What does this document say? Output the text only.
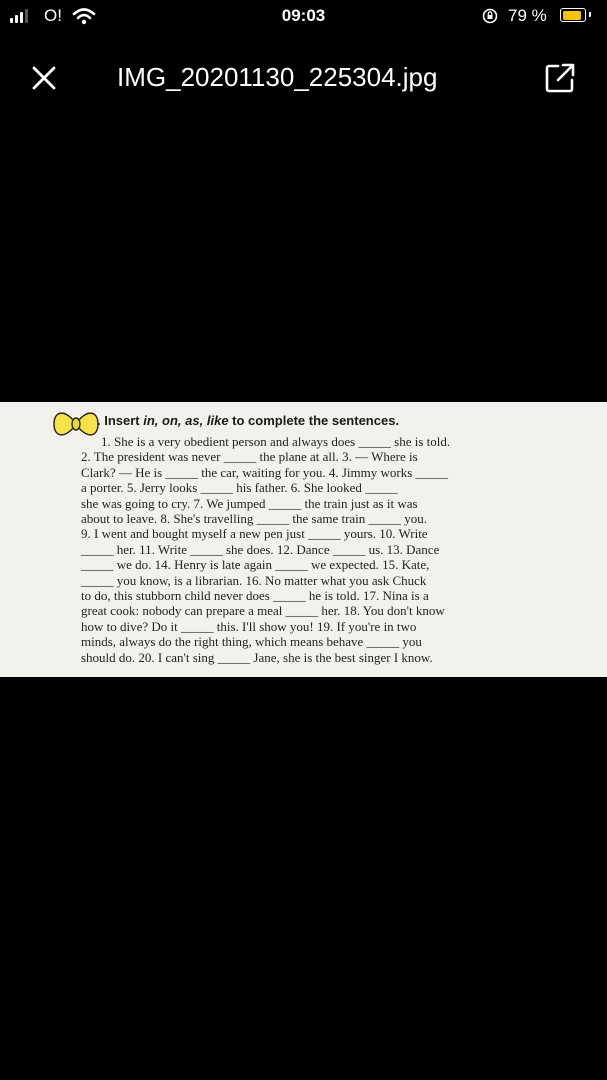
O!	09:03	79 %
IMG_20201130_225304.jpg
. Insert in, on, as, like to complete the sentences.
1. She is a very obedient person and always does _____ she is told.
2. The president was never _____ the plane at all. 3. — Where is
Clark? — He is _____ the car, waiting for you. 4. Jimmy works _____
a porter. 5. Jerry looks _____ his father. 6. She looked _____
she was going to cry. 7. We jumped _____ the train just as it was
about to leave. 8. She's travelling _____ the same train _____ you.
9. I went and bought myself a new pen just _____ yours. 10. Write
_____ her. 11. Write _____ she does. 12. Dance _____ us. 13. Dance
_____ we do. 14. Henry is late again _____ we expected. 15. Kate,
_____ you know, is a librarian. 16. No matter what you ask Chuck
to do, this stubborn child never does _____ he is told. 17. Nina is a
great cook: nobody can prepare a meal _____ her. 18. You don't know
how to dive? Do it _____ this. I'll show you! 19. If you're in two
minds, always do the right thing, which means behave _____ you
should do. 20. I can't sing _____ Jane, she is the best singer I know.
